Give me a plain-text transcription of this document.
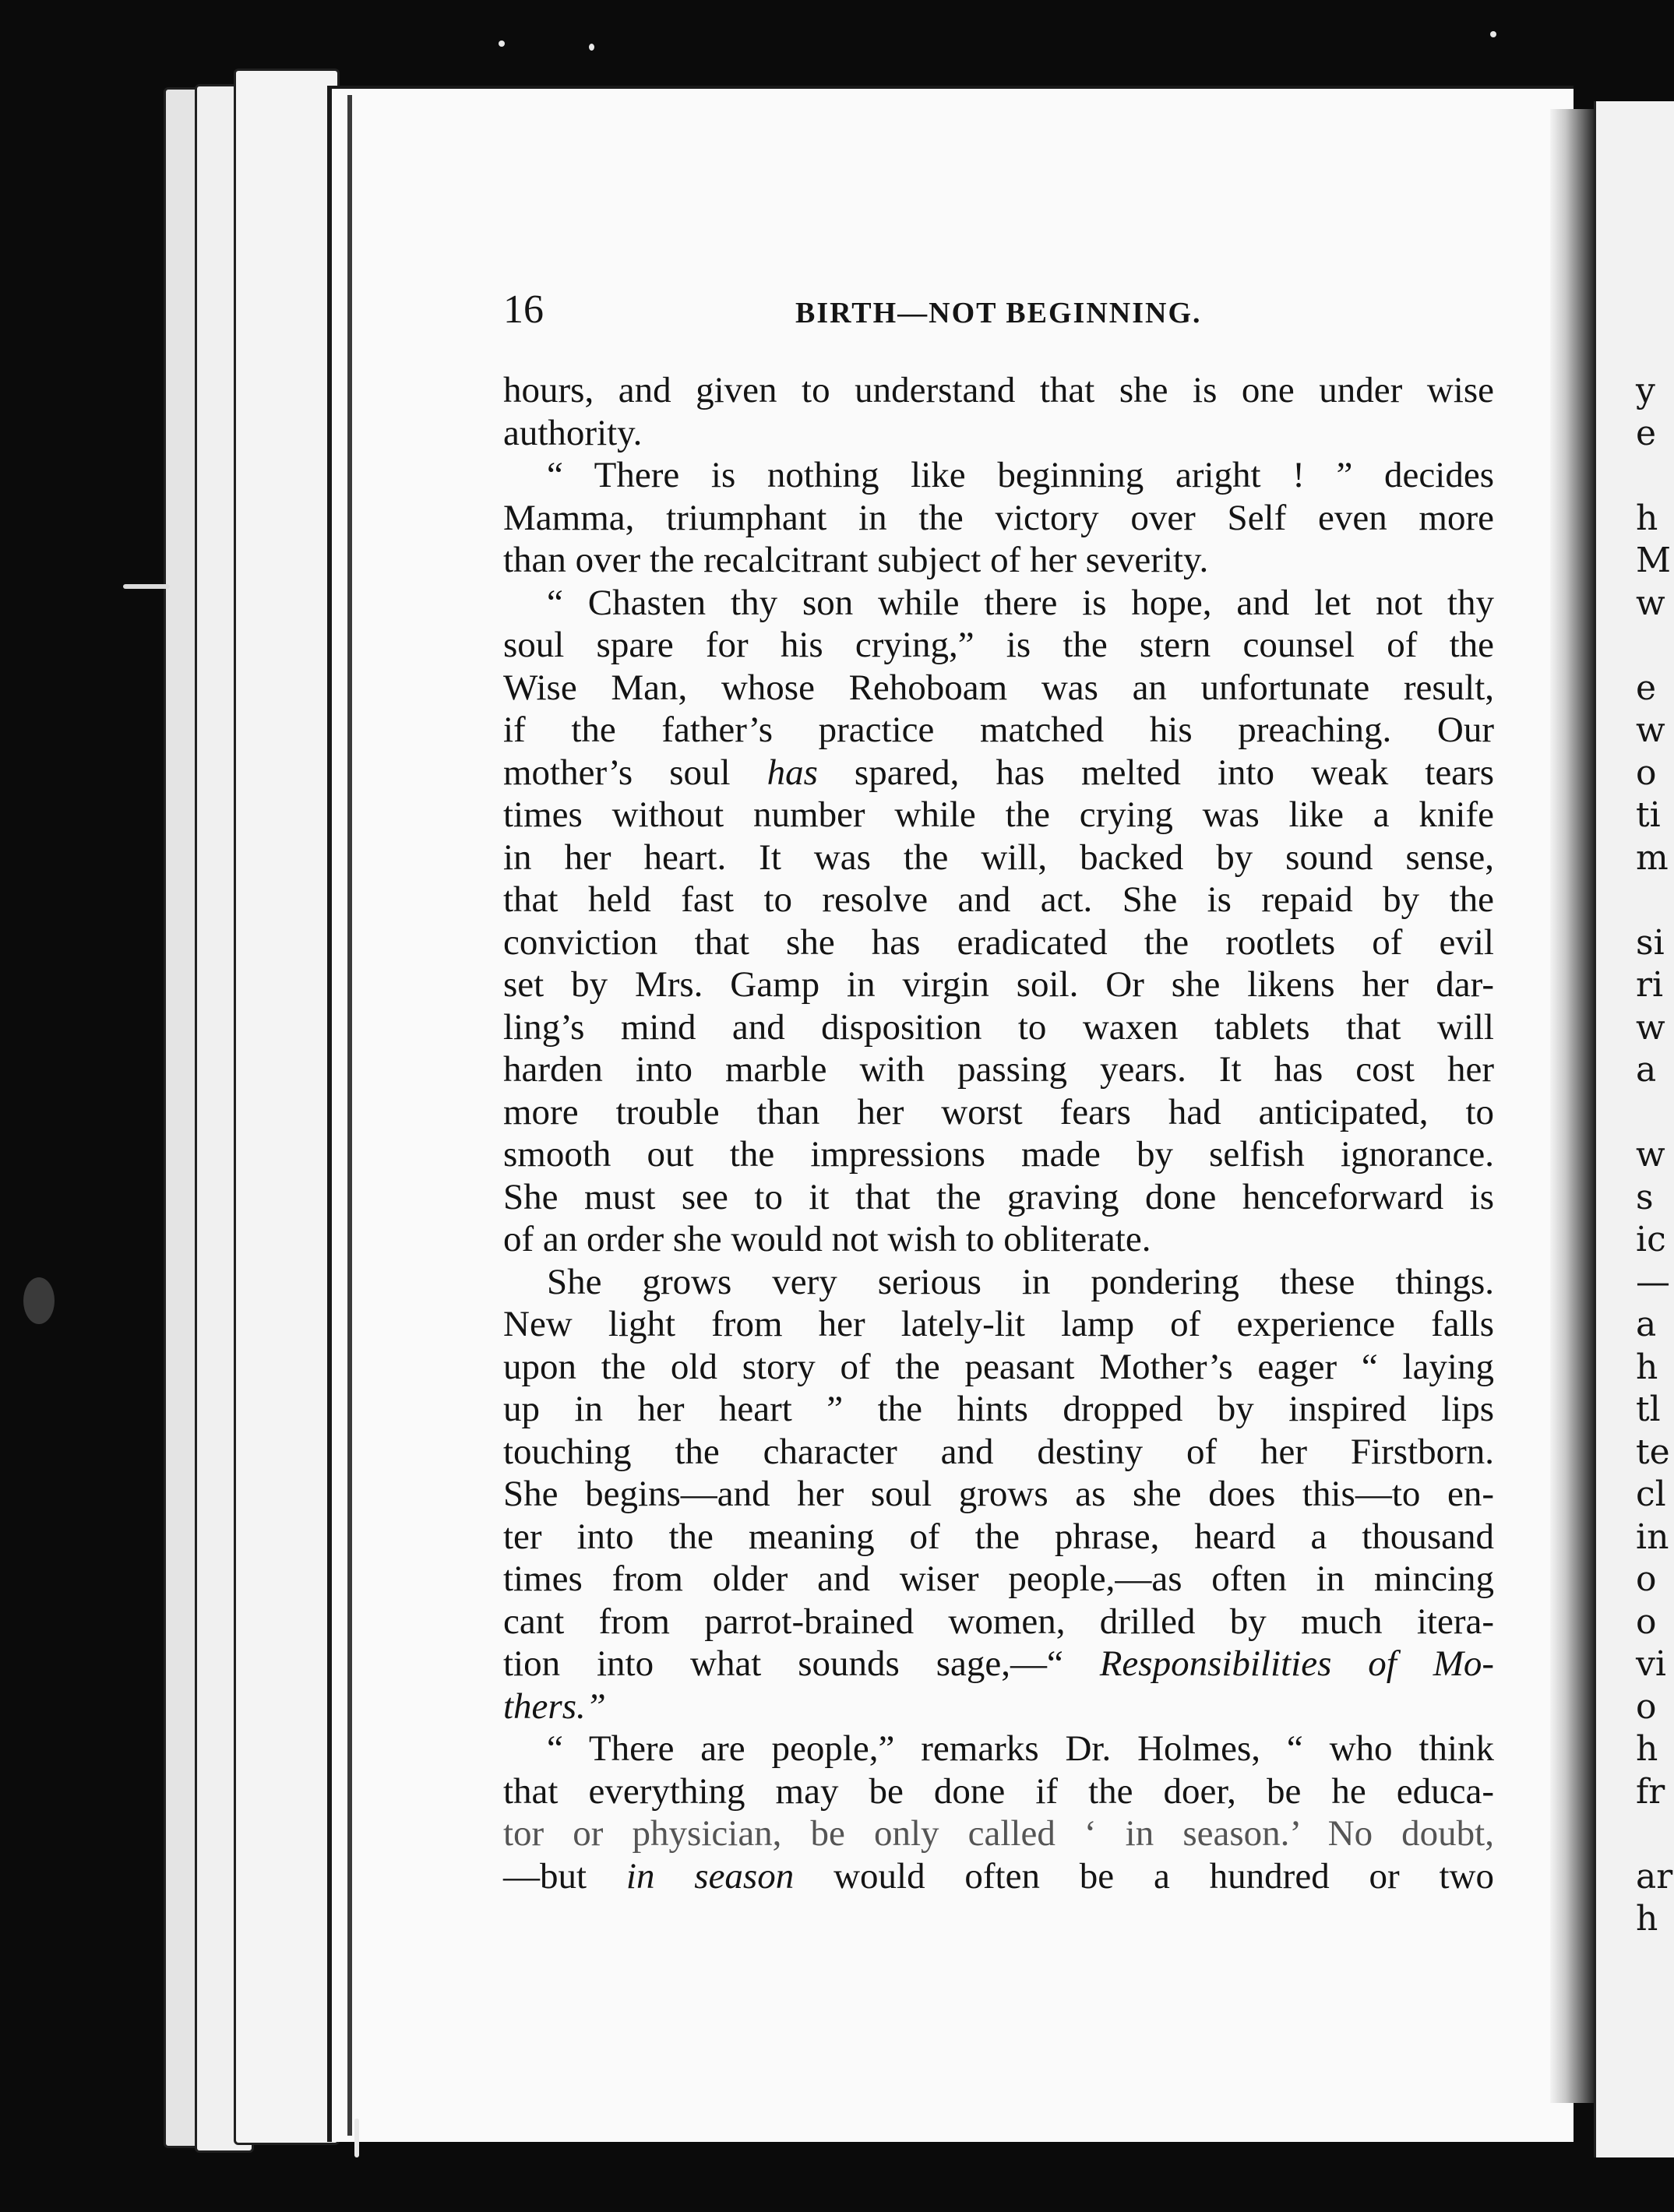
y
e
h
M
w
e
w
o
ti
m
si
ri
w
a
w
s
ic
—
a
h
tl
te
cl
in
o
o
vi
o
h
fr
ar
h
16	BIRTH—NOT BEGINNING.
hours, and given to understand that she is one under wise
authority.
“ There is nothing like beginning aright ! ” decides
Mamma, triumphant in the victory over Self even more
than over the recalcitrant subject of her severity.
“ Chasten thy son while there is hope, and let not thy
soul spare for his crying,” is the stern counsel of the
Wise Man, whose Rehoboam was an unfortunate result,
if the father’s practice matched his preaching. Our
mother’s soul has spared, has melted into weak tears
times without number while the crying was like a knife
in her heart. It was the will, backed by sound sense,
that held fast to resolve and act. She is repaid by the
conviction that she has eradicated the rootlets of evil
set by Mrs. Gamp in virgin soil. Or she likens her dar-
ling’s mind and disposition to waxen tablets that will
harden into marble with passing years. It has cost her
more trouble than her worst fears had anticipated, to
smooth out the impressions made by selfish ignorance.
She must see to it that the graving done henceforward is
of an order she would not wish to obliterate.
She grows very serious in pondering these things.
New light from her lately-lit lamp of experience falls
upon the old story of the peasant Mother’s eager “ laying
up in her heart ” the hints dropped by inspired lips
touching the character and destiny of her Firstborn.
She begins—and her soul grows as she does this—to en-
ter into the meaning of the phrase, heard a thousand
times from older and wiser people,—as often in mincing
cant from parrot-brained women, drilled by much itera-
tion into what sounds sage,—“ Responsibilities of Mo-
thers.”
“ There are people,” remarks Dr. Holmes, “ who think
that everything may be done if the doer, be he educa-
tor or physician, be only called ‘ in season.’ No doubt,
—but in season would often be a hundred or two
